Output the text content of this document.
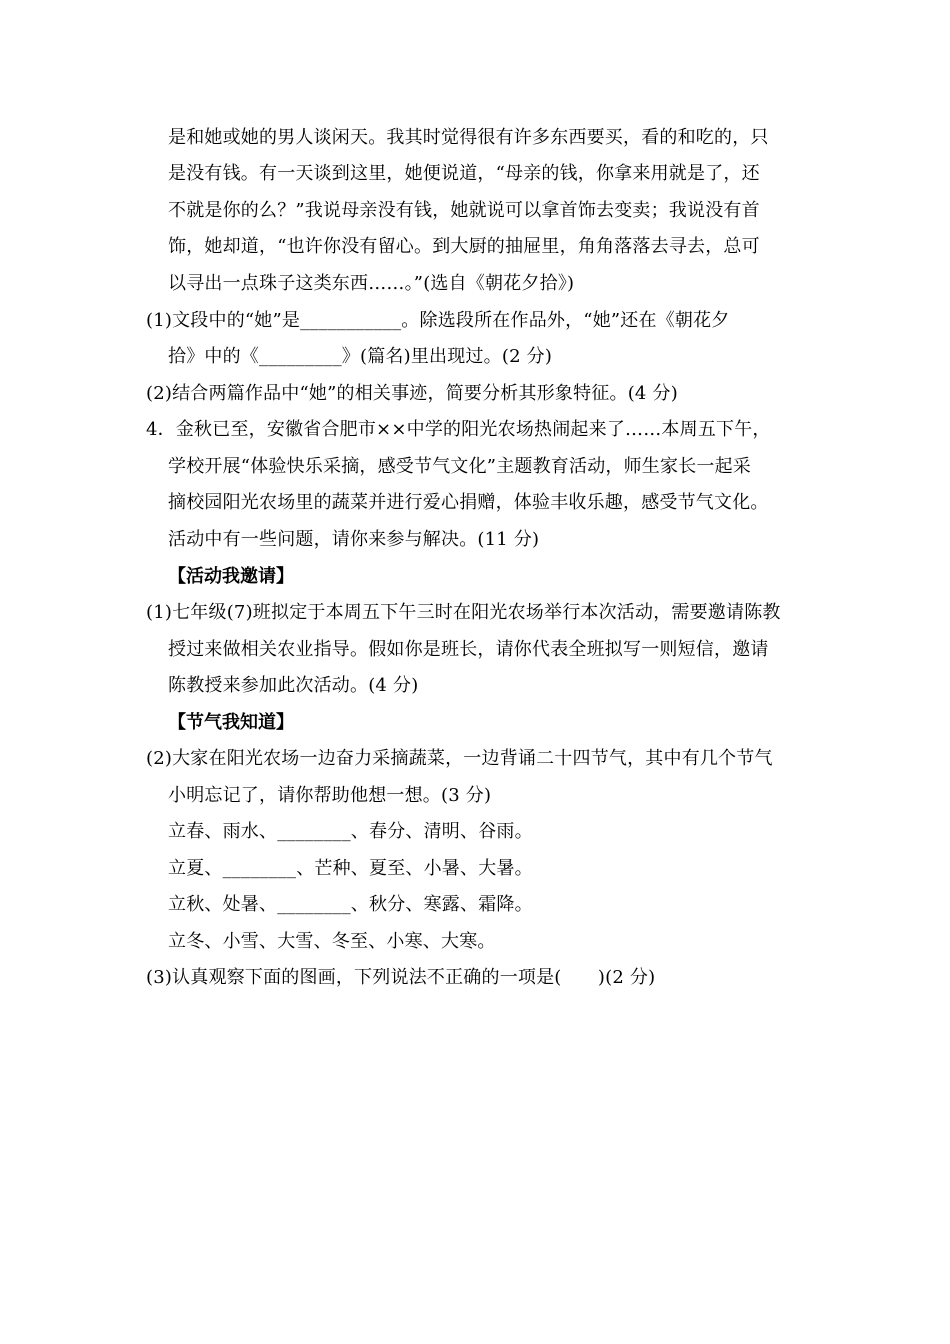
是和她或她的男人谈闲天。我其时觉得很有许多东西要买，看的和吃的，只
是没有钱。有一天谈到这里，她便说道，“母亲的钱，你拿来用就是了，还
不就是你的么？”我说母亲没有钱，她就说可以拿首饰去变卖；我说没有首
饰，她却道，“也许你没有留心。到大厨的抽屉里，角角落落去寻去，总可
以寻出一点珠子这类东西……。”(选自《朝花夕拾》)
(1)文段中的“她”是___________。除选段所在作品外，“她”还在《朝花夕
拾》中的《_________》(篇名)里出现过。(2 分)
(2)结合两篇作品中“她”的相关事迹，简要分析其形象特征。(4 分)
4．金秋已至，安徽省合肥市××中学的阳光农场热闹起来了……本周五下午，
学校开展“体验快乐采摘，感受节气文化”主题教育活动，师生家长一起采
摘校园阳光农场里的蔬菜并进行爱心捐赠，体验丰收乐趣，感受节气文化。
活动中有一些问题，请你来参与解决。(11 分)
【活动我邀请】
(1)七年级(7)班拟定于本周五下午三时在阳光农场举行本次活动，需要邀请陈教
授过来做相关农业指导。假如你是班长，请你代表全班拟写一则短信，邀请
陈教授来参加此次活动。(4 分)
【节气我知道】
(2)大家在阳光农场一边奋力采摘蔬菜，一边背诵二十四节气，其中有几个节气
小明忘记了，请你帮助他想一想。(3 分)
立春、雨水、________、春分、清明、谷雨。
立夏、________、芒种、夏至、小暑、大暑。
立秋、处暑、________、秋分、寒露、霜降。
立冬、小雪、大雪、冬至、小寒、大寒。
(3)认真观察下面的图画，下列说法不正确的一项是(　　)(2 分)
